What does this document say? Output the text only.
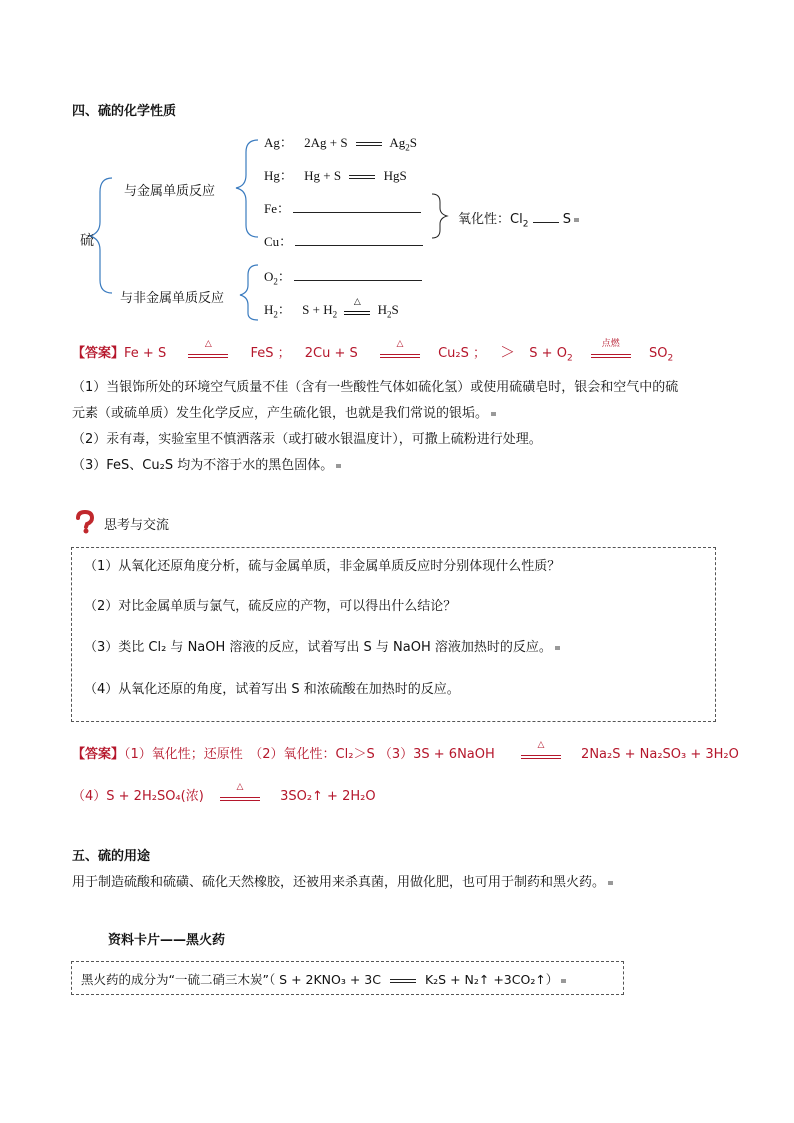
四、硫的化学性质
硫
与金属单质反应
与非金属单质反应
Ag： 2Ag + S	$Ag_2S$
Hg： Hg + S	HgS
Fe：
Cu：
氧化性：$Cl_2$	S
$O_2$：
$H_2$： $S + H_2$
△
$H_2S$
【答案】Fe + S
△
FeS ； 2Cu + S
△
Cu₂S ； ＞ $S + O_2$
点燃
$SO_2$
（1）当银饰所处的环境空气质量不佳（含有一些酸性气体如硫化氢）或使用硫磺皂时，银会和空气中的硫
元素（或硫单质）发生化学反应，产生硫化银，也就是我们常说的银垢。
（2）汞有毒，实验室里不慎洒落汞（或打破水银温度计），可撒上硫粉进行处理。
（3）FeS、Cu₂S 均为不溶于水的黑色固体。
思考与交流
（1）从氧化还原角度分析，硫与金属单质，非金属单质反应时分别体现什么性质？
（2）对比金属单质与氯气，硫反应的产物，可以得出什么结论？
（3）类比 Cl₂ 与 NaOH 溶液的反应，试着写出 S 与 NaOH 溶液加热时的反应。
（4）从氧化还原的角度，试着写出 S 和浓硫酸在加热时的反应。
【答案】（1）氧化性；还原性　（2）氧化性：Cl₂＞S （3）3S + 6NaOH
△
2Na₂S + Na₂SO₃ + 3H₂O
（4）S + 2H₂SO₄(浓)
△
3SO₂↑ + 2H₂O
五、硫的用途
用于制造硫酸和硫磺、硫化天然橡胶，还被用来杀真菌，用做化肥，也可用于制药和黑火药。
资料卡片——黑火药
黑火药的成分为“一硫二硝三木炭”（ S + 2KNO₃ + 3C	K₂S + N₂↑ +3CO₂↑）
